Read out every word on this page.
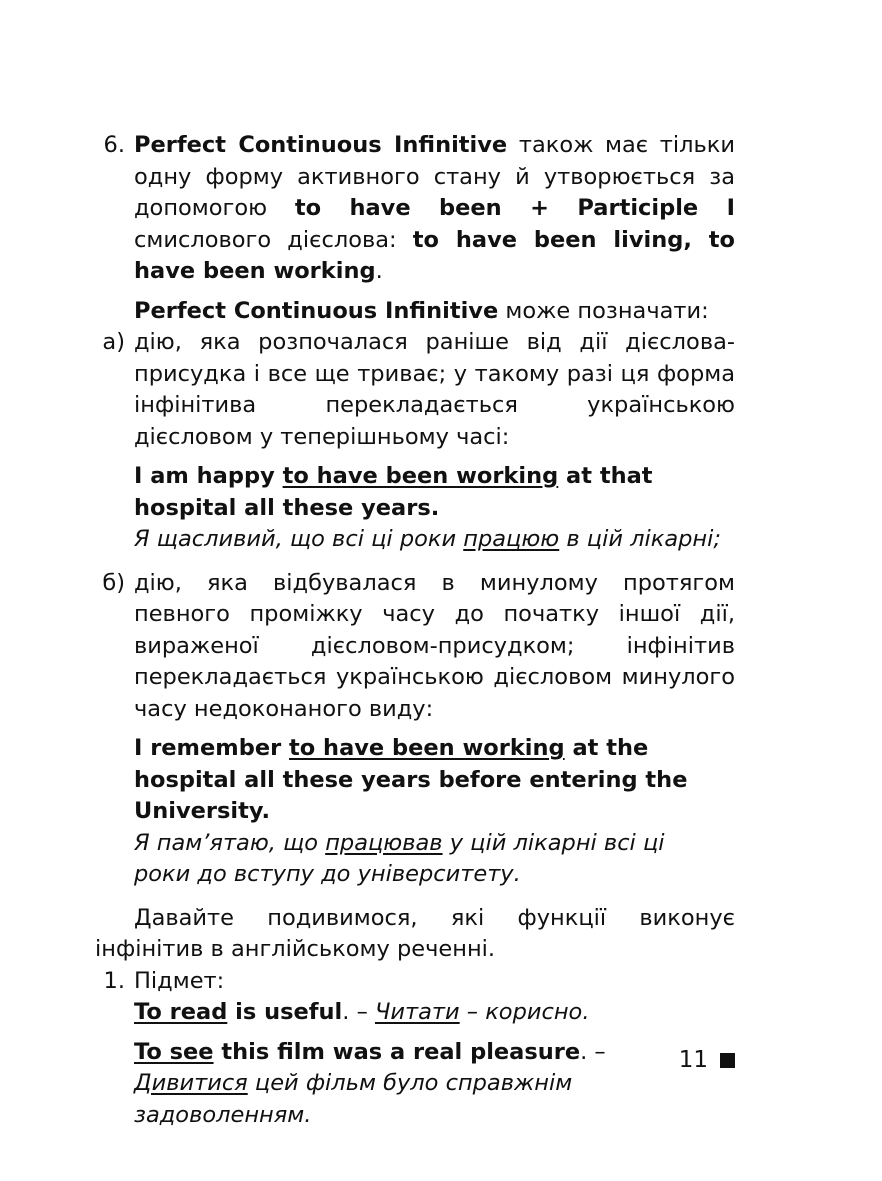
6. Perfect Continuous Infinitive також має тільки одну форму активного стану й утворюється за допомогою to have been + Participle I смислового дієслова: to have been living, to have been working.
Perfect Continuous Infinitive може позначати:
а) дію, яка розпочалася раніше від дії дієслова-присудка і все ще триває; у такому разі ця форма інфінітива перекладається українською дієсловом у теперішньому часі:
I am happy to have been working at that hospital all these years.
Я щасливий, що всі ці роки працюю в цій лікарні;
б) дію, яка відбувалася в минулому протягом певного проміжку часу до початку іншої дії, вираженої дієсловом-присудком; інфінітив перекладається українською дієсловом минулого часу недоконаного виду:
I remember to have been working at the hospital all these years before entering the University.
Я пам’ятаю, що працював у цій лікарні всі ці роки до вступу до університету.
Давайте подивимося, які функції виконує інфінітив в англійському реченні.
1. Підмет:
To read is useful. – Читати – корисно.
To see this film was a real pleasure. – Дивитися цей фільм було справжнім задоволенням.
11
